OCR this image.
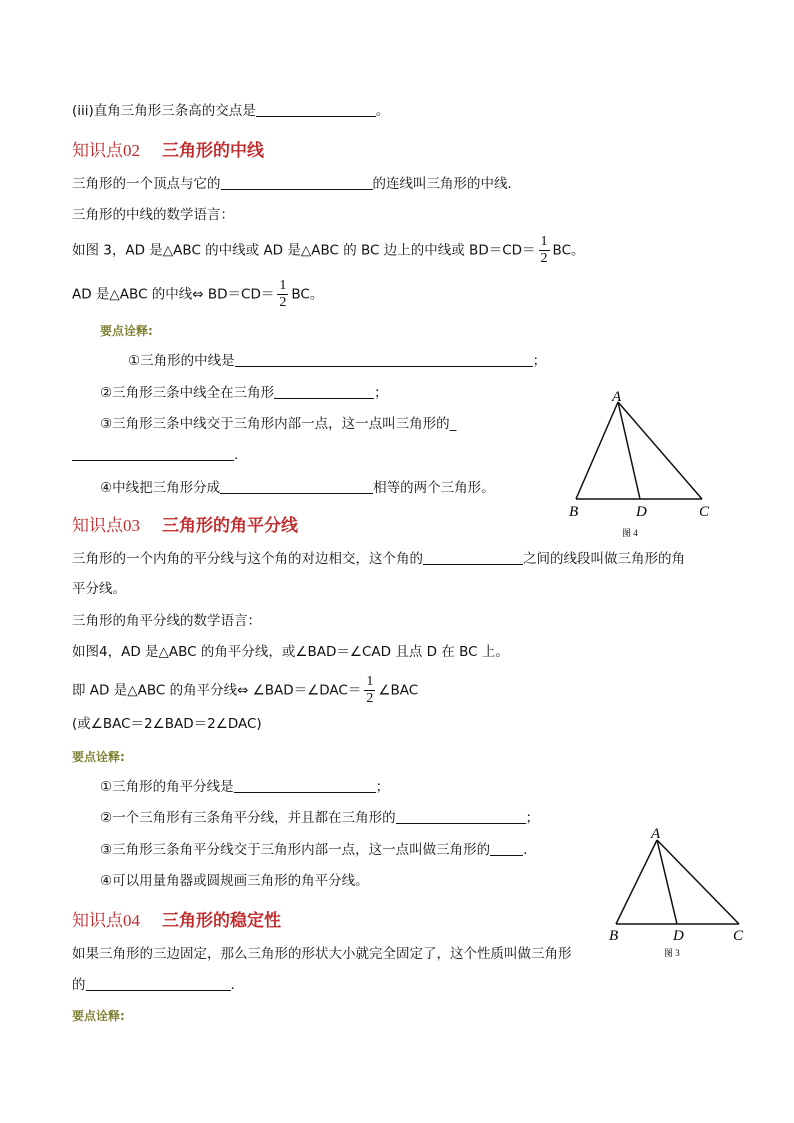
(iii)直角三角形三条高的交点是	。
知识点02 三角形的中线
三角形的一个顶点与它的	的连线叫三角形的中线．
三角形的中线的数学语言：
如图 3，AD 是△ABC 的中线或 AD 是△ABC 的 BC 边上的中线或 $BD=CD= \frac{1}{2}$ BC。
AD 是△ABC 的中线⇔ $BD=CD= \frac{1}{2}$ BC。
要点诠释:
①三角形的中线是	；
②三角形三条中线全在三角形	；
③三角形三条中线交于三角形内部一点，这一点叫三角形的_
.
④中线把三角形分成	相等的两个三角形。
A
B	D	C
图 4
知识点03 三角形的角平分线
三角形的一个内角的平分线与这个角的对边相交，这个角的	之间的线段叫做三角形的角
平分线。
三角形的角平分线的数学语言：
如图4，AD 是△ABC 的角平分线，或∠BAD＝∠CAD 且点 D 在 BC 上。
即 AD 是△ABC 的角平分线⇔ ∠BAD＝∠DAC＝ $\frac{1}{2}$ ∠BAC
(或∠BAC＝2∠BAD＝2∠DAC)
要点诠释:
①三角形的角平分线是	；
②一个三角形有三条角平分线，并且都在三角形的	；
③三角形三条角平分线交于三角形内部一点，这一点叫做三角形的 .
④可以用量角器或圆规画三角形的角平分线。
A
B	D	C
图 3
知识点04 三角形的稳定性
如果三角形的三边固定，那么三角形的形状大小就完全固定了，这个性质叫做三角形
的	.
要点诠释:
